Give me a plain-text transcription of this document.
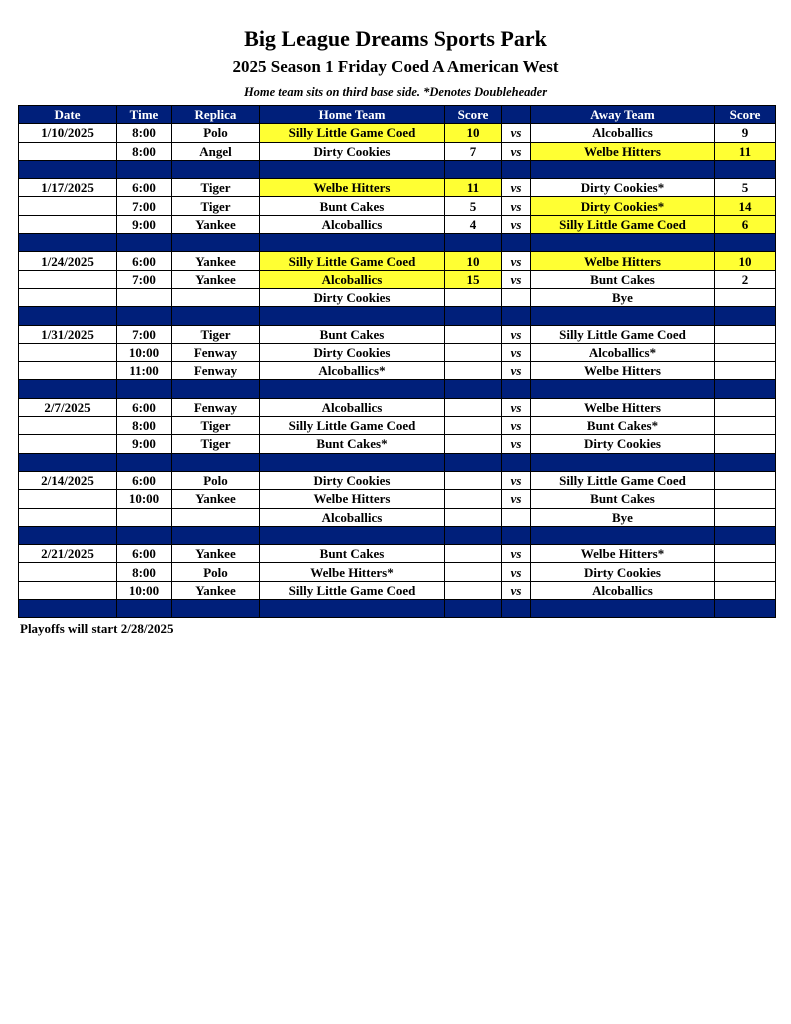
Big League Dreams Sports Park
2025 Season 1 Friday Coed A American West
Home team sits on third base side. *Denotes Doubleheader
Date	Time	Replica	Home Team	Score		Away Team	Score
1/10/2025	8:00	Polo	Silly Little Game Coed	10	vs	Alcoballics	9
	8:00	Angel	Dirty Cookies	7	vs	Welbe Hitters	11

1/17/2025	6:00	Tiger	Welbe Hitters	11	vs	Dirty Cookies*	5
	7:00	Tiger	Bunt Cakes	5	vs	Dirty Cookies*	14
	9:00	Yankee	Alcoballics	4	vs	Silly Little Game Coed	6

1/24/2025	6:00	Yankee	Silly Little Game Coed	10	vs	Welbe Hitters	10
	7:00	Yankee	Alcoballics	15	vs	Bunt Cakes	2
			Dirty Cookies			Bye	

1/31/2025	7:00	Tiger	Bunt Cakes		vs	Silly Little Game Coed	
	10:00	Fenway	Dirty Cookies		vs	Alcoballics*	
	11:00	Fenway	Alcoballics*		vs	Welbe Hitters	

2/7/2025	6:00	Fenway	Alcoballics		vs	Welbe Hitters	
	8:00	Tiger	Silly Little Game Coed		vs	Bunt Cakes*	
	9:00	Tiger	Bunt Cakes*		vs	Dirty Cookies	

2/14/2025	6:00	Polo	Dirty Cookies		vs	Silly Little Game Coed	
	10:00	Yankee	Welbe Hitters		vs	Bunt Cakes	
			Alcoballics			Bye	

2/21/2025	6:00	Yankee	Bunt Cakes		vs	Welbe Hitters*	
	8:00	Polo	Welbe Hitters*		vs	Dirty Cookies	
	10:00	Yankee	Silly Little Game Coed		vs	Alcoballics	

Playoffs will start 2/28/2025
